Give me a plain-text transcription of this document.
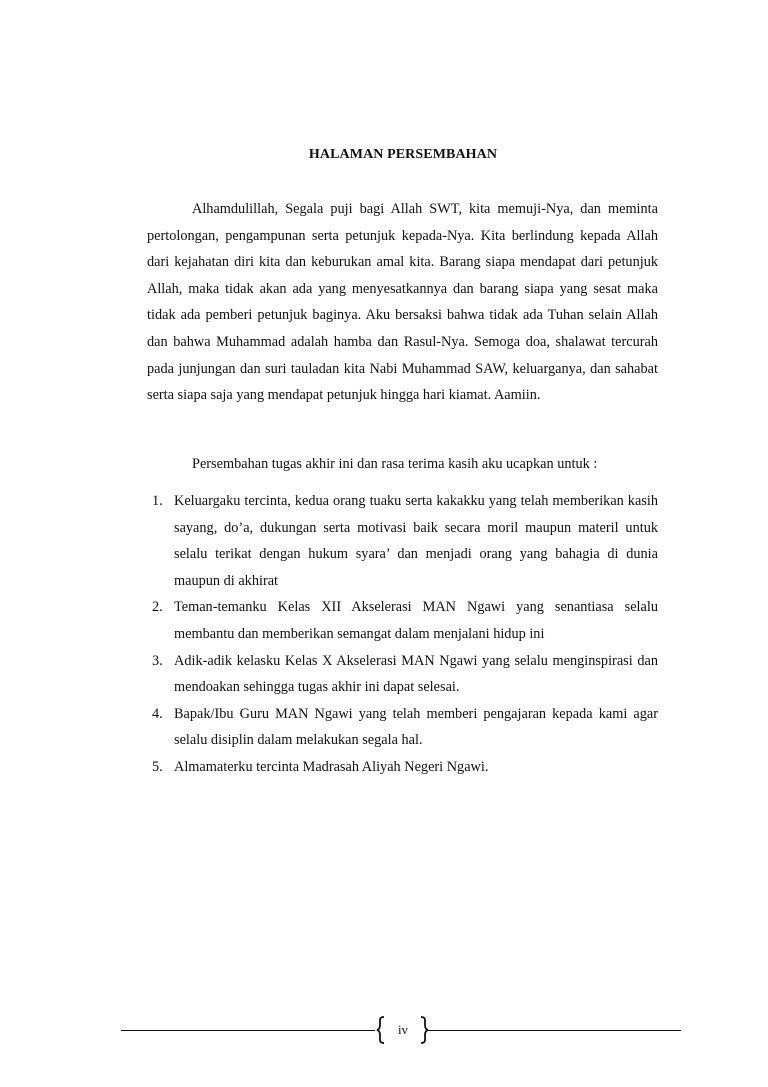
HALAMAN PERSEMBAHAN

Alhamdulillah, Segala puji bagi Allah SWT, kita memuji-Nya, dan meminta pertolongan, pengampunan serta petunjuk kepada-Nya. Kita berlindung kepada Allah dari kejahatan diri kita dan keburukan amal kita. Barang siapa mendapat dari petunjuk Allah, maka tidak akan ada yang menyesatkannya dan barang siapa yang sesat maka tidak ada pemberi petunjuk baginya. Aku bersaksi bahwa tidak ada Tuhan selain Allah dan bahwa Muhammad adalah hamba dan Rasul-Nya. Semoga doa, shalawat tercurah pada junjungan dan suri tauladan kita Nabi Muhammad SAW, keluarganya, dan sahabat serta siapa saja yang mendapat petunjuk hingga hari kiamat. Aamiin.

Persembahan tugas akhir ini dan rasa terima kasih aku ucapkan untuk :

1. Keluargaku tercinta, kedua orang tuaku serta kakakku yang telah memberikan kasih sayang, do’a, dukungan serta motivasi baik secara moril maupun materil untuk selalu terikat dengan hukum syara’ dan menjadi orang yang bahagia di dunia maupun di akhirat
2. Teman-temanku Kelas XII Akselerasi MAN Ngawi yang senantiasa selalu membantu dan memberikan semangat dalam menjalani hidup ini
3. Adik-adik kelasku Kelas X Akselerasi MAN Ngawi yang selalu menginspirasi dan mendoakan sehingga tugas akhir ini dapat selesai.
4. Bapak/Ibu Guru MAN Ngawi yang telah memberi pengajaran kepada kami agar selalu disiplin dalam melakukan segala hal.
5. Almamaterku tercinta Madrasah Aliyah Negeri Ngawi.
iv
